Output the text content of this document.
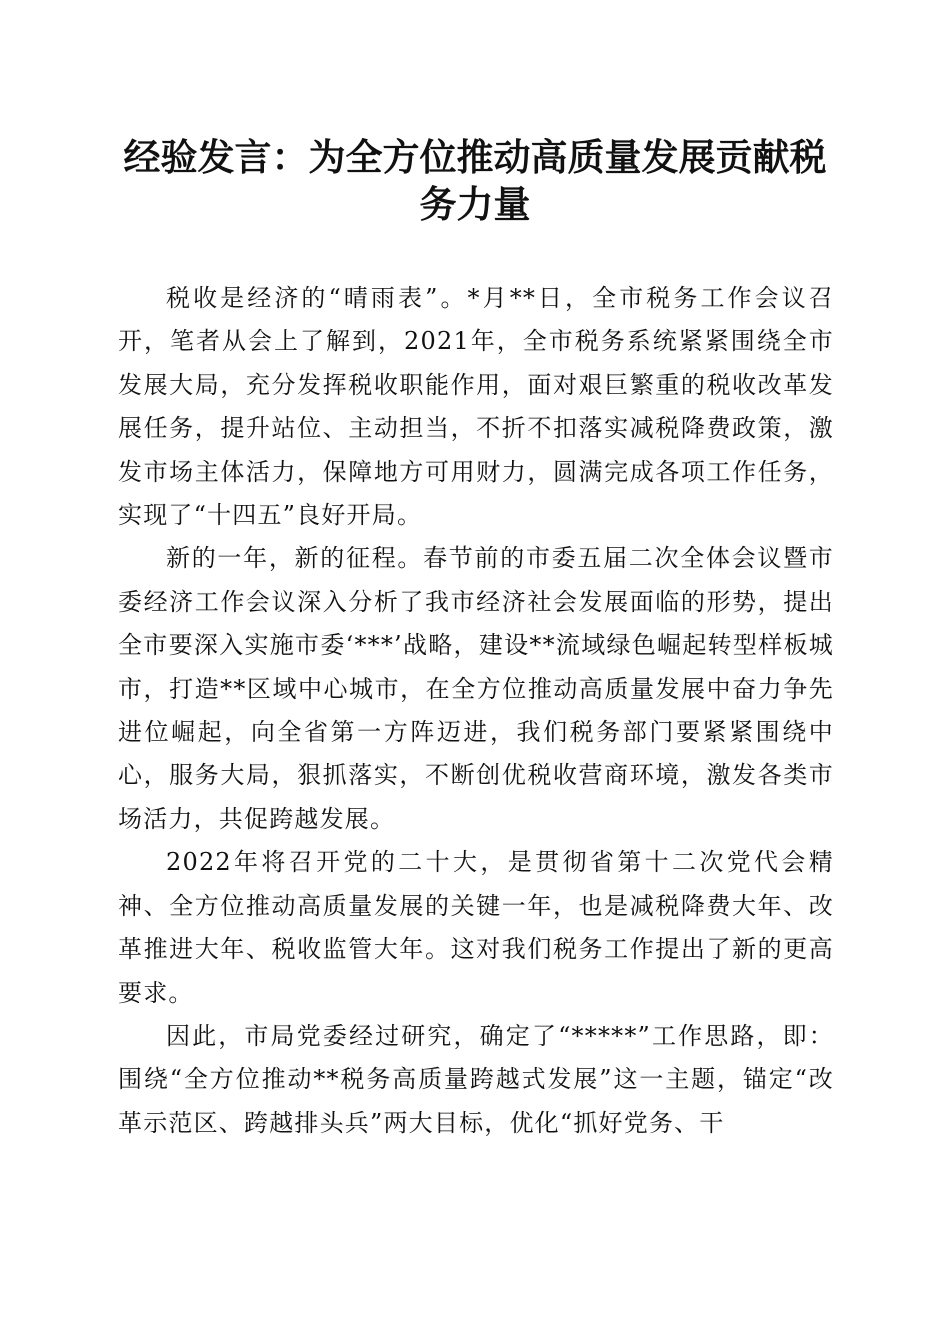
经验发言：为全方位推动高质量发展贡献税务力量

税收是经济的“晴雨表”。*月**日，全市税务工作会议召开，笔者从会上了解到，2021年，全市税务系统紧紧围绕全市发展大局，充分发挥税收职能作用，面对艰巨繁重的税收改革发展任务，提升站位、主动担当，不折不扣落实减税降费政策，激发市场主体活力，保障地方可用财力，圆满完成各项工作任务，实现了“十四五”良好开局。

新的一年，新的征程。春节前的市委五届二次全体会议暨市委经济工作会议深入分析了我市经济社会发展面临的形势，提出全市要深入实施市委‘***’战略，建设**流域绿色崛起转型样板城市，打造**区域中心城市，在全方位推动高质量发展中奋力争先进位崛起，向全省第一方阵迈进，我们税务部门要紧紧围绕中心，服务大局，狠抓落实，不断创优税收营商环境，激发各类市场活力，共促跨越发展。

2022年将召开党的二十大，是贯彻省第十二次党代会精神、全方位推动高质量发展的关键一年，也是减税降费大年、改革推进大年、税收监管大年。这对我们税务工作提出了新的更高要求。

因此，市局党委经过研究，确定了“*****”工作思路，即：围绕“全方位推动**税务高质量跨越式发展”这一主题，锚定“改革示范区、跨越排头兵”两大目标，优化“抓好党务、干
